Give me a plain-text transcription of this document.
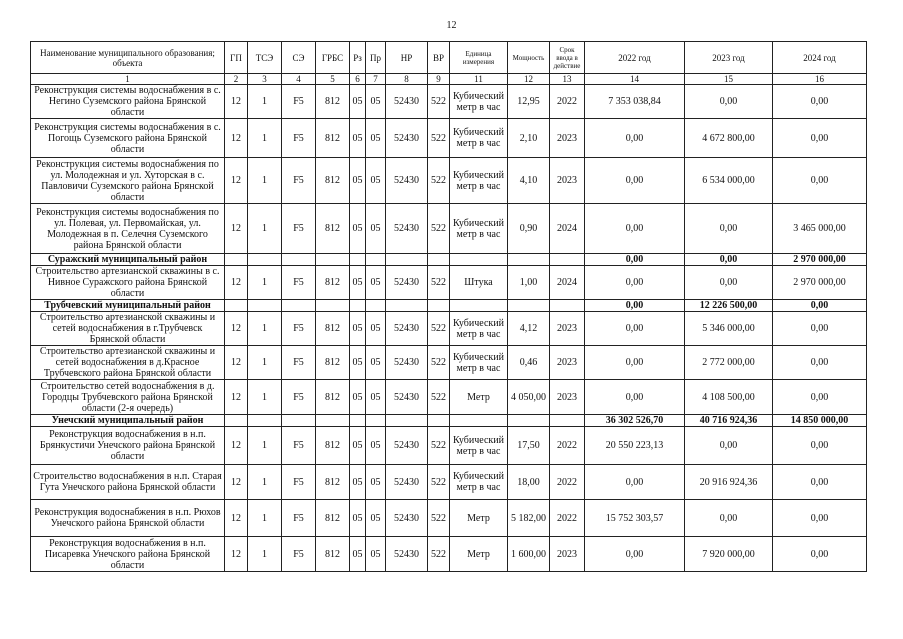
12
Наименование муниципального образования; объекта	ГП	ТСЭ	СЭ	ГРБС	Рз	Пр	НР	ВР	Единица измерения	Мощность	Срок ввода в действие	2022 год	2023 год	2024 год
1	2	3	4	5	6	7	8	9	11	12	13	14	15	16
Реконструкция системы водоснабжения в с. Негино Суземского района Брянской области	12	1	F5	812	05	05	52430	522	Кубический метр в час	12,95	2022	7 353 038,84	0,00	0,00
Реконструкция системы водоснабжения в с. Погощь Суземского района Брянской области	12	1	F5	812	05	05	52430	522	Кубический метр в час	2,10	2023	0,00	4 672 800,00	0,00
Реконструкция системы водоснабжения по ул. Молодежная и ул. Хуторская в с. Павловичи Суземского района Брянской области	12	1	F5	812	05	05	52430	522	Кубический метр в час	4,10	2023	0,00	6 534 000,00	0,00
Реконструкция системы водоснабжения по ул. Полевая, ул. Первомайская, ул. Молодежная в п. Селечня Суземского района Брянской области	12	1	F5	812	05	05	52430	522	Кубический метр в час	0,90	2024	0,00	0,00	3 465 000,00
Суражский муниципальный район												0,00	0,00	2 970 000,00
Строительство артезианской скважины в с. Нивное Суражского района Брянской области	12	1	F5	812	05	05	52430	522	Штука	1,00	2024	0,00	0,00	2 970 000,00
Трубчевский муниципальный район												0,00	12 226 500,00	0,00
Строительство артезианской скважины и сетей водоснабжения в г.Трубчевск Брянской области	12	1	F5	812	05	05	52430	522	Кубический метр в час	4,12	2023	0,00	5 346 000,00	0,00
Строительство артезианской скважины и сетей водоснабжения в д.Красное Трубчевского района Брянской области	12	1	F5	812	05	05	52430	522	Кубический метр в час	0,46	2023	0,00	2 772 000,00	0,00
Строительство сетей водоснабжения в д. Городцы Трубчевского района Брянской области (2-я очередь)	12	1	F5	812	05	05	52430	522	Метр	4 050,00	2023	0,00	4 108 500,00	0,00
Унечский муниципальный район												36 302 526,70	40 716 924,36	14 850 000,00
Реконструкция водоснабжения в н.п. Брянкустичи Унечского района Брянской области	12	1	F5	812	05	05	52430	522	Кубический метр в час	17,50	2022	20 550 223,13	0,00	0,00
Строительство водоснабжения в н.п. Старая Гута Унечского района Брянской области	12	1	F5	812	05	05	52430	522	Кубический метр в час	18,00	2022	0,00	20 916 924,36	0,00
Реконструкция водоснабжения в н.п. Рюхов Унечского района Брянской области	12	1	F5	812	05	05	52430	522	Метр	5 182,00	2022	15 752 303,57	0,00	0,00
Реконструкция водоснабжения в н.п. Писаревка Унечского района Брянской области	12	1	F5	812	05	05	52430	522	Метр	1 600,00	2023	0,00	7 920 000,00	0,00
